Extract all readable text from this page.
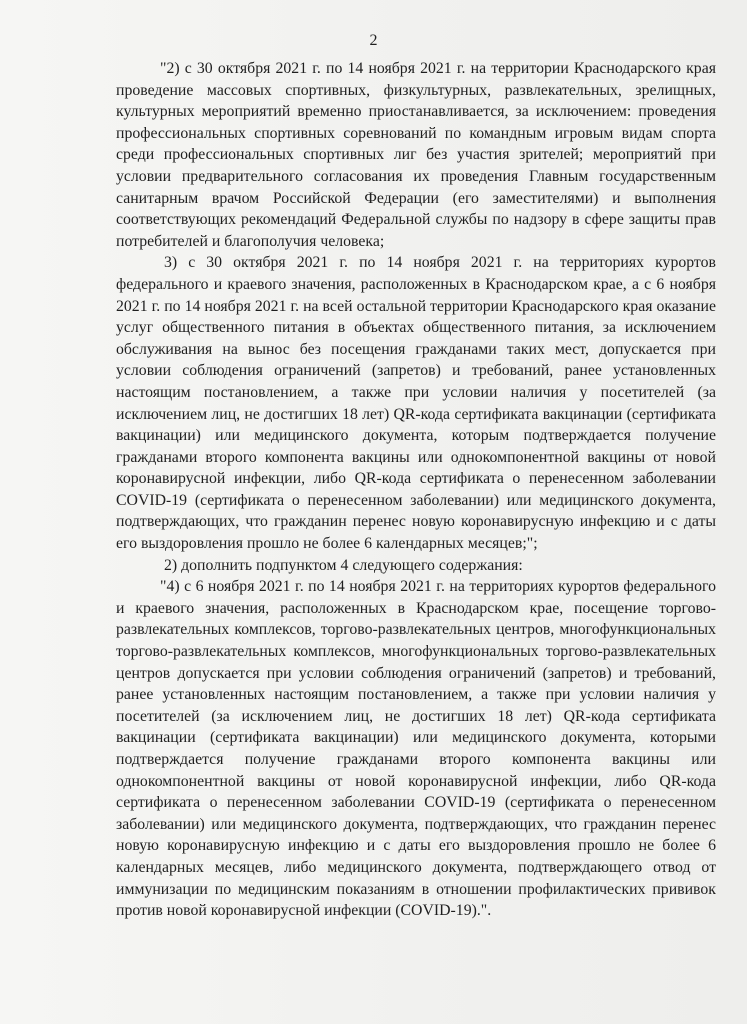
2

"2) с 30 октября 2021 г. по 14 ноября 2021 г. на территории Краснодарского края проведение массовых спортивных, физкультурных, развлекательных, зрелищных, культурных мероприятий временно приостанавливается, за исключением: проведения профессиональных спортивных соревнований по командным игровым видам спорта среди профессиональных спортивных лиг без участия зрителей; мероприятий при условии предварительного согласования их проведения Главным государственным санитарным врачом Российской Федерации (его заместителями) и выполнения соответствующих рекомендаций Федеральной службы по надзору в сфере защиты прав потребителей и благополучия человека;

3) с 30 октября 2021 г. по 14 ноября 2021 г. на территориях курортов федерального и краевого значения, расположенных в Краснодарском крае, а с 6 ноября 2021 г. по 14 ноября 2021 г. на всей остальной территории Краснодарского края оказание услуг общественного питания в объектах общественного питания, за исключением обслуживания на вынос без посещения гражданами таких мест, допускается при условии соблюдения ограничений (запретов) и требований, ранее установленных настоящим постановлением, а также при условии наличия у посетителей (за исключением лиц, не достигших 18 лет) QR-кода сертификата вакцинации (сертификата вакцинации) или медицинского документа, которым подтверждается получение гражданами второго компонента вакцины или однокомпонентной вакцины от новой коронавирусной инфекции, либо QR-кода сертификата о перенесенном заболевании COVID-19 (сертификата о перенесенном заболевании) или медицинского документа, подтверждающих, что гражданин перенес новую коронавирусную инфекцию и с даты его выздоровления прошло не более 6 календарных месяцев;";

2) дополнить подпунктом 4 следующего содержания:

"4) с 6 ноября 2021 г. по 14 ноября 2021 г. на территориях курортов федерального и краевого значения, расположенных в Краснодарском крае, посещение торгово-развлекательных комплексов, торгово-развлекательных центров, многофункциональных торгово-развлекательных комплексов, многофункциональных торгово-развлекательных центров допускается при условии соблюдения ограничений (запретов) и требований, ранее установленных настоящим постановлением, а также при условии наличия у посетителей (за исключением лиц, не достигших 18 лет) QR-кода сертификата вакцинации (сертификата вакцинации) или медицинского документа, которыми подтверждается получение гражданами второго компонента вакцины или однокомпонентной вакцины от новой коронавирусной инфекции, либо QR-кода сертификата о перенесенном заболевании COVID-19 (сертификата о перенесенном заболевании) или медицинского документа, подтверждающих, что гражданин перенес новую коронавирусную инфекцию и с даты его выздоровления прошло не более 6 календарных месяцев, либо медицинского документа, подтверждающего отвод от иммунизации по медицинским показаниям в отношении профилактических прививок против новой коронавирусной инфекции (COVID-19).".
